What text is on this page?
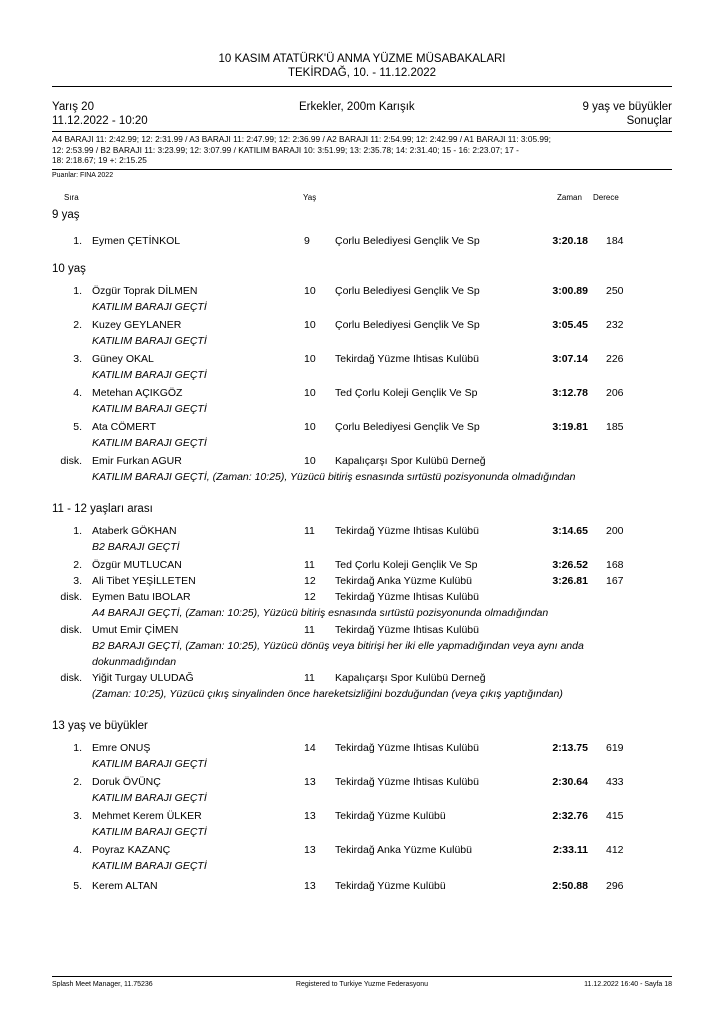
10 KASIM ATATÜRK'Ü ANMA YÜZME MÜSABAKALARI
TEKİRDAĞ, 10. - 11.12.2022
Yarış 20
11.12.2022 - 10:20
Erkekler, 200m Karışık	9 yaş ve büyükler
Sonuçlar
A4 BARAJI 11: 2:42.99; 12: 2:31.99 / A3 BARAJI 11: 2:47.99; 12: 2:36.99 / A2 BARAJI 11: 2:54.99; 12: 2:42.99 / A1 BARAJI 11: 3:05.99;
12: 2:53.99 / B2 BARAJI 11: 3:23.99; 12: 3:07.99 / KATILIM BARAJI 10: 3:51.99; 13: 2:35.78; 14: 2:31.40; 15 - 16: 2:23.07; 17 -
18: 2:18.67; 19 +: 2:15.25
Puanlar: FINA 2022
Sıra	Yaş	Zaman Derece
9 yaş
10 yaş
11 - 12 yaşları arası
13 yaş ve büyükler
1. Eymen ÇETİNKOL	9 Çorlu Belediyesi Gençlik Ve Sp	3:20.18 184
1. Özgür Toprak DİLMEN	10 Çorlu Belediyesi Gençlik Ve Sp	3:00.89 250
KATILIM BARAJI GEÇTİ
2. Kuzey GEYLANER	10 Çorlu Belediyesi Gençlik Ve Sp	3:05.45 232
KATILIM BARAJI GEÇTİ
3. Güney OKAL	10 Tekirdağ Yüzme Ihtisas Kulübü	3:07.14 226
KATILIM BARAJI GEÇTİ
4. Metehan AÇIKGÖZ	10 Ted Çorlu Koleji Gençlik Ve Sp	3:12.78 206
KATILIM BARAJI GEÇTİ
5. Ata CÖMERT	10 Çorlu Belediyesi Gençlik Ve Sp	3:19.81 185
KATILIM BARAJI GEÇTİ
disk. Emir Furkan AGUR	10 Kapalıçarşı Spor Kulübü Derneğ
KATILIM BARAJI GEÇTİ, (Zaman: 10:25), Yüzücü bitiriş esnasında sırtüstü pozisyonunda olmadığından
1. Ataberk GÖKHAN	11 Tekirdağ Yüzme Ihtisas Kulübü	3:14.65 200
B2 BARAJI GEÇTİ
2. Özgür MUTLUCAN	11 Ted Çorlu Koleji Gençlik Ve Sp	3:26.52 168
3. Ali Tibet YEŞİLLETEN	12 Tekirdağ Anka Yüzme Kulübü	3:26.81 167
disk. Eymen Batu IBOLAR	12 Tekirdağ Yüzme Ihtisas Kulübü
A4 BARAJI GEÇTİ, (Zaman: 10:25), Yüzücü bitiriş esnasında sırtüstü pozisyonunda olmadığından
disk. Umut Emir ÇİMEN	11 Tekirdağ Yüzme Ihtisas Kulübü
B2 BARAJI GEÇTİ, (Zaman: 10:25), Yüzücü dönüş veya bitirişi her iki elle yapmadığından veya aynı anda
dokunmadığından
disk. Yiğit Turgay ULUDAĞ	11 Kapalıçarşı Spor Kulübü Derneğ
(Zaman: 10:25), Yüzücü çıkış sinyalinden önce hareketsizliğini bozduğundan (veya çıkış yaptığından)
1. Emre ONUŞ	14 Tekirdağ Yüzme Ihtisas Kulübü	2:13.75 619
KATILIM BARAJI GEÇTİ
2. Doruk ÖVÜNÇ	13 Tekirdağ Yüzme Ihtisas Kulübü	2:30.64 433
KATILIM BARAJI GEÇTİ
3. Mehmet Kerem ÜLKER	13 Tekirdağ Yüzme Kulübü	2:32.76 415
KATILIM BARAJI GEÇTİ
4. Poyraz KAZANÇ	13 Tekirdağ Anka Yüzme Kulübü	2:33.11 412
KATILIM BARAJI GEÇTİ
5. Kerem ALTAN	13 Tekirdağ Yüzme Kulübü	2:50.88 296
Splash Meet Manager, 11.75236	Registered to Turkiye Yuzme Federasyonu	11.12.2022 16:40 - Sayfa 18
